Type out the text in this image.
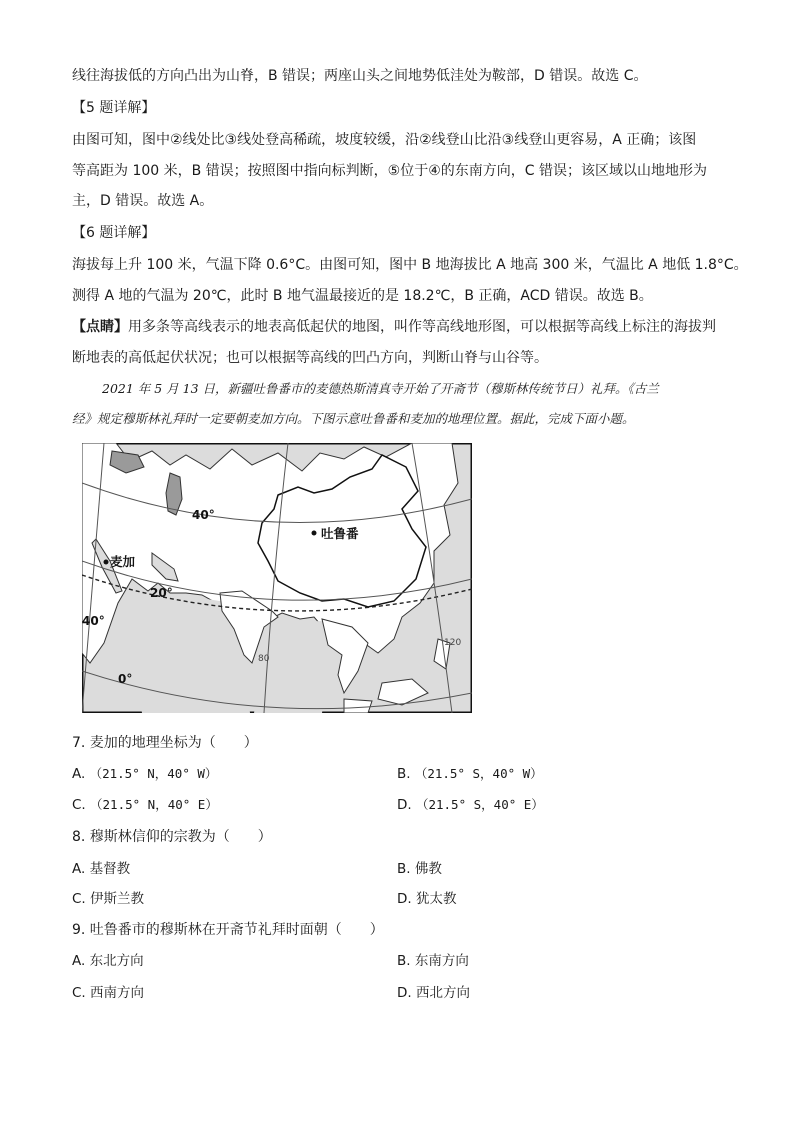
线往海拔低的方向凸出为山脊，B 错误；两座山头之间地势低洼处为鞍部，D 错误。故选 C。
【5 题详解】
由图可知，图中②线处比③线处登高稀疏，坡度较缓，沿②线登山比沿③线登山更容易，A 正确；该图
等高距为 100 米，B 错误；按照图中指向标判断，⑤位于④的东南方向，C 错误；该区域以山地地形为
主，D 错误。故选 A。
【6 题详解】
海拔每上升 100 米，气温下降 0.6°C。由图可知，图中 B 地海拔比 A 地高 300 米，气温比 A 地低 1.8°C。
测得 A 地的气温为 20℃，此时 B 地气温最接近的是 18.2℃，B 正确，ACD 错误。故选 B。
【点睛】用多条等高线表示的地表高低起伏的地图，叫作等高线地形图，可以根据等高线上标注的海拔判
断地表的高低起伏状况；也可以根据等高线的凹凸方向，判断山脊与山谷等。
2021 年 5 月 13 日，新疆吐鲁番市的麦德热斯清真寺开始了开斋节（穆斯林传统节日）礼拜。《古兰
经》规定穆斯林礼拜时一定要朝麦加方向。下图示意吐鲁番和麦加的地理位置。据此，完成下面小题。
吐鲁番
麦加
40°
20°
40°
0°
80
120
7. 麦加的地理坐标为（　　）
A. （21.5° N，40° W）	B. （21.5° S，40° W）
C. （21.5° N，40° E）	D. （21.5° S，40° E）
8. 穆斯林信仰的宗教为（　　）
A. 基督教	B. 佛教
C. 伊斯兰教	D. 犹太教
9. 吐鲁番市的穆斯林在开斋节礼拜时面朝（　　）
A. 东北方向	B. 东南方向
C. 西南方向	D. 西北方向
